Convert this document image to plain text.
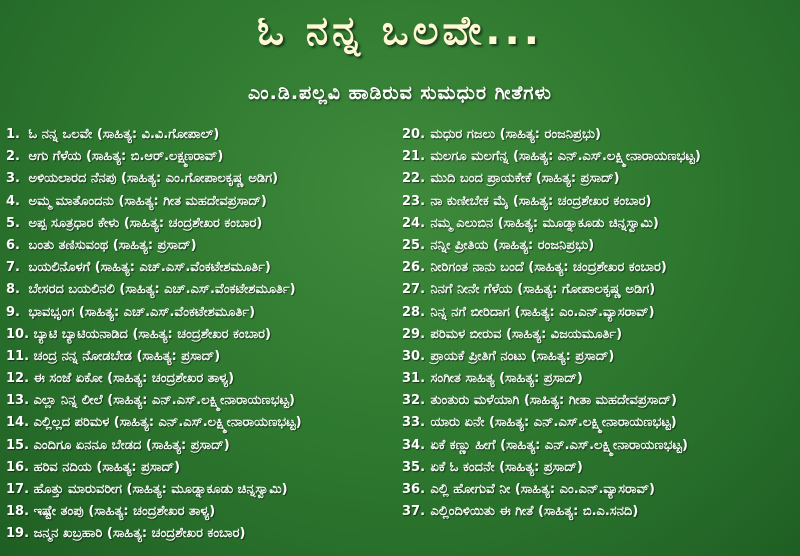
ಓ ನನ್ನ ಒಲವೇ...
ಎಂ.ಡಿ.ಪಲ್ಲವಿ ಹಾಡಿರುವ ಸುಮಧುರ ಗೀತೆಗಳು
1. ಓ ನನ್ನ ಒಲವೇ (ಸಾಹಿತ್ಯ: ವಿ.ವಿ.ಗೋಪಾಲ್)
2. ಆಗು ಗೆಳೆಯ (ಸಾಹಿತ್ಯ: ಬಿ.ಆರ್.ಲಕ್ಷ್ಮಣರಾವ್)
3. ಅಳಿಯಲಾರದ ನೆನಪು (ಸಾಹಿತ್ಯ: ಎಂ.ಗೋಪಾಲಕೃಷ್ಣ ಅಡಿಗ)
4. ಅಮ್ಮ ಮಾತೊಂದನು (ಸಾಹಿತ್ಯ: ಗೀತ ಮಹದೇವಪ್ರಸಾದ್)
5. ಅಪ್ಪ ಸೂತ್ರಧಾರ ಕೇಳು (ಸಾಹಿತ್ಯ: ಚಂದ್ರಶೇಖರ ಕಂಬಾರ)
6. ಬಂತು ತಣಿಸುವಂಥ (ಸಾಹಿತ್ಯ: ಪ್ರಸಾದ್)
7. ಬಯಲಿನೊಳಗೆ (ಸಾಹಿತ್ಯ: ಎಚ್.ಎಸ್.ವೆಂಕಟೇಶಮೂರ್ತಿ)
8. ಬೇಸರದ ಬಯಲಿನಲಿ (ಸಾಹಿತ್ಯ: ಎಚ್.ಎಸ್.ವೆಂಕಟೇಶಮೂರ್ತಿ)
9. ಭಾವಭೃಂಗ (ಸಾಹಿತ್ಯ: ಎಚ್.ಎಸ್.ವೆಂಕಟೇಶಮೂರ್ತಿ)
10. ಬ್ಯಾಟಿ ಬ್ಯಾಟಿಯನಾಡಿದ (ಸಾಹಿತ್ಯ: ಚಂದ್ರಶೇಖರ ಕಂಬಾರ)
11. ಚಂದ್ರ ನನ್ನ ನೋಡಬೇಡ (ಸಾಹಿತ್ಯ: ಪ್ರಸಾದ್)
12. ಈ ಸಂಜೆ ಏಕೋ (ಸಾಹಿತ್ಯ: ಚಂದ್ರಶೇಖರ ತಾಳ್ಯ)
13. ಎಲ್ಲಾ ನಿನ್ನ ಲೀಲೆ (ಸಾಹಿತ್ಯ: ಎನ್.ಎಸ್.ಲಕ್ಷ್ಮೀನಾರಾಯಣಭಟ್ಟ)
14. ಎಲ್ಲಿಲ್ಲದ ಪರಿಮಳ (ಸಾಹಿತ್ಯ: ಎನ್.ಎಸ್.ಲಕ್ಷ್ಮೀನಾರಾಯಣಭಟ್ಟ)
15. ಎಂದಿಗೂ ಏನನೂ ಬೇಡದ (ಸಾಹಿತ್ಯ: ಪ್ರಸಾದ್)
16. ಹರಿವ ನದಿಯ (ಸಾಹಿತ್ಯ: ಪ್ರಸಾದ್)
17. ಹೊತ್ತು ಮಾರುವರೀಗ (ಸಾಹಿತ್ಯ: ಮೂಡ್ನಾಕೂಡು ಚಿನ್ನಸ್ವಾಮಿ)
18. ಇಷ್ಟೇ ತಂಪು (ಸಾಹಿತ್ಯ: ಚಂದ್ರಶೇಖರ ತಾಳ್ಯ)
19. ಜನ್ಮನ ಖಬ್ರಹಾರಿ (ಸಾಹಿತ್ಯ: ಚಂದ್ರಶೇಖರ ಕಂಬಾರ)
20. ಮಧುರ ಗಜಲು (ಸಾಹಿತ್ಯ: ರಂಜನಿಪ್ರಭು)
21. ಮಲಗೂ ಮಲಗೆನ್ನ (ಸಾಹಿತ್ಯ: ಎನ್.ಎಸ್.ಲಕ್ಷ್ಮೀನಾರಾಯಣಭಟ್ಟ)
22. ಮುದಿ ಬಂದ ಪ್ರಾಯಕೇಕೆ (ಸಾಹಿತ್ಯ: ಪ್ರಸಾದ್)
23. ನಾ ಕುಣೀಬೇಕ ಮೈ (ಸಾಹಿತ್ಯ: ಚಂದ್ರಶೇಖರ ಕಂಬಾರ)
24. ನಮ್ಮ ಎಲುಬಿನ (ಸಾಹಿತ್ಯ: ಮೂಡ್ನಾಕೂಡು ಚಿನ್ನಸ್ವಾಮಿ)
25. ನನ್ನೀ ಪ್ರೀತಿಯ (ಸಾಹಿತ್ಯ: ರಂಜನಿಪ್ರಭು)
26. ನೀರಿಗಂತ ನಾನು ಬಂದೆ (ಸಾಹಿತ್ಯ: ಚಂದ್ರಶೇಖರ ಕಂಬಾರ)
27. ನಿನಗೆ ನೀನೇ ಗೆಳೆಯ (ಸಾಹಿತ್ಯ: ಗೋಪಾಲಕೃಷ್ಣ ಅಡಿಗ)
28. ನಿನ್ನ ನಗೆ ಬೀರಿದಾಗ (ಸಾಹಿತ್ಯ: ಎಂ.ಎನ್.ವ್ಯಾಸರಾವ್)
29. ಪರಿಮಳ ಬೀರುವ (ಸಾಹಿತ್ಯ: ವಿಜಯಮೂರ್ತಿ)
30. ಪ್ರಾಯಕೆ ಪ್ರೀತಿಗೆ ನಂಟು (ಸಾಹಿತ್ಯ: ಪ್ರಸಾದ್)
31. ಸಂಗೀತ ಸಾಹಿತ್ಯ (ಸಾಹಿತ್ಯ: ಪ್ರಸಾದ್)
32. ತುಂತುರು ಮಳೆಯಾಗಿ (ಸಾಹಿತ್ಯ: ಗೀತಾ ಮಹದೇವಪ್ರಸಾದ್)
33. ಯಾರು ಏನೇ (ಸಾಹಿತ್ಯ: ಎನ್.ಎಸ್.ಲಕ್ಷ್ಮೀನಾರಾಯಣಭಟ್ಟ)
34. ಏಕೆ ಕಣ್ಣು ಹೀಗೆ (ಸಾಹಿತ್ಯ: ಎನ್.ಎಸ್.ಲಕ್ಷ್ಮೀನಾರಾಯಣಭಟ್ಟ)
35. ಏಕೆ ಓ ಕಂದನೇ (ಸಾಹಿತ್ಯ: ಪ್ರಸಾದ್)
36. ಎಲ್ಲಿ ಹೋಗುವೆ ನೀ (ಸಾಹಿತ್ಯ: ಎಂ.ಎನ್.ವ್ಯಾಸರಾವ್)
37. ಎಲ್ಲಿಂದಿಳಿಯಿತು ಈ ಗೀತೆ (ಸಾಹಿತ್ಯ: ಬಿ.ಎ.ಸನದಿ)
